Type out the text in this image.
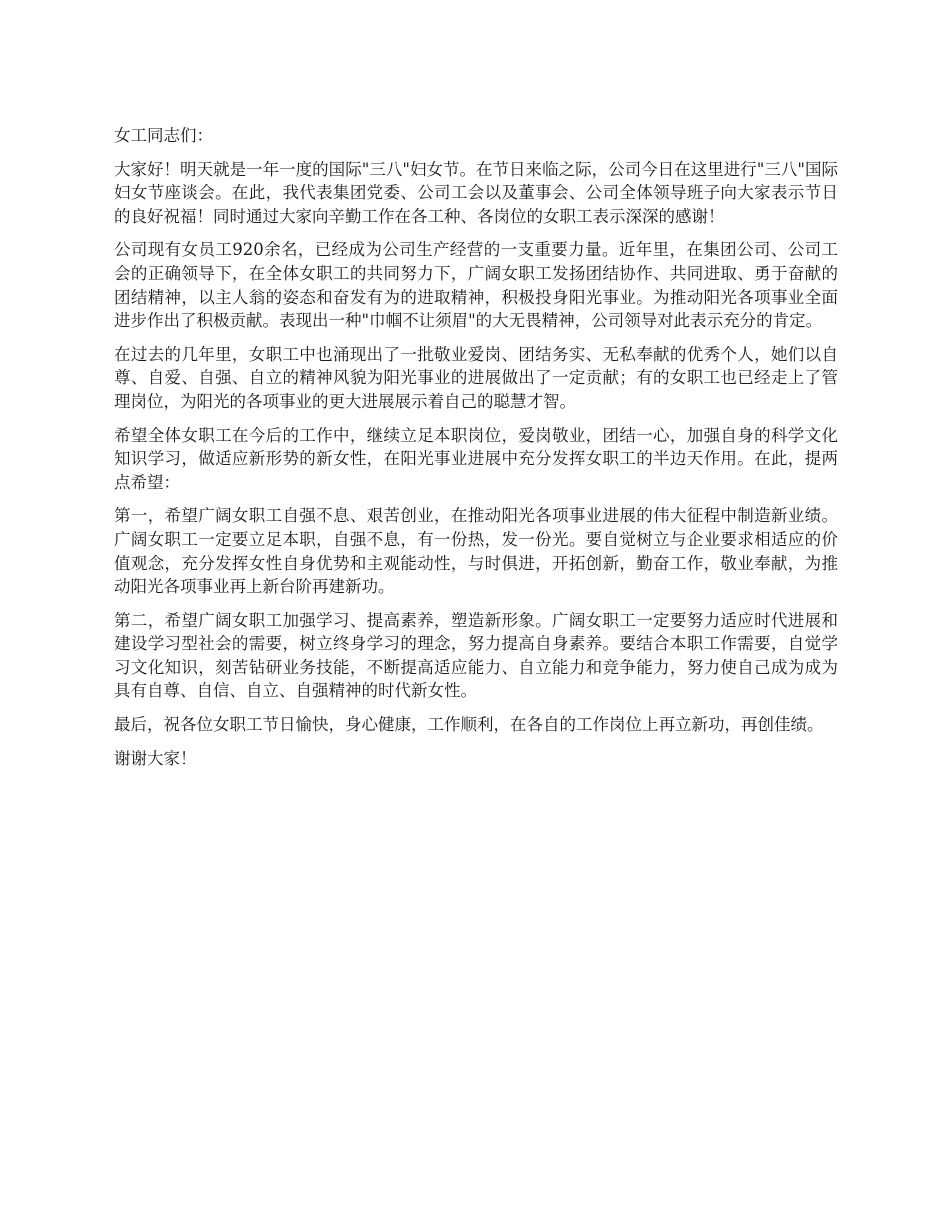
女工同志们：

大家好！明天就是一年一度的国际"三八"妇女节。在节日来临之际，公司今日在这里进行"三八"国际妇女节座谈会。在此，我代表集团党委、公司工会以及董事会、公司全体领导班子向大家表示节日的良好祝福！同时通过大家向辛勤工作在各工种、各岗位的女职工表示深深的感谢！

公司现有女员工920余名，已经成为公司生产经营的一支重要力量。近年里，在集团公司、公司工会的正确领导下，在全体女职工的共同努力下，广阔女职工发扬团结协作、共同进取、勇于奋献的团结精神，以主人翁的姿态和奋发有为的进取精神，积极投身阳光事业。为推动阳光各项事业全面进步作出了积极贡献。表现出一种"巾帼不让须眉"的大无畏精神，公司领导对此表示充分的肯定。

在过去的几年里，女职工中也涌现出了一批敬业爱岗、团结务实、无私奉献的优秀个人，她们以自尊、自爱、自强、自立的精神风貌为阳光事业的进展做出了一定贡献；有的女职工也已经走上了管理岗位，为阳光的各项事业的更大进展展示着自己的聪慧才智。

希望全体女职工在今后的工作中，继续立足本职岗位，爱岗敬业，团结一心，加强自身的科学文化知识学习，做适应新形势的新女性，在阳光事业进展中充分发挥女职工的半边天作用。在此，提两点希望：

第一，希望广阔女职工自强不息、艰苦创业，在推动阳光各项事业进展的伟大征程中制造新业绩。广阔女职工一定要立足本职，自强不息，有一份热，发一份光。要自觉树立与企业要求相适应的价值观念，充分发挥女性自身优势和主观能动性，与时俱进，开拓创新，勤奋工作，敬业奉献，为推动阳光各项事业再上新台阶再建新功。

第二，希望广阔女职工加强学习、提高素养，塑造新形象。广阔女职工一定要努力适应时代进展和建设学习型社会的需要，树立终身学习的理念，努力提高自身素养。要结合本职工作需要，自觉学习文化知识，刻苦钻研业务技能，不断提高适应能力、自立能力和竞争能力，努力使自己成为成为具有自尊、自信、自立、自强精神的时代新女性。

最后，祝各位女职工节日愉快，身心健康，工作顺利，在各自的工作岗位上再立新功，再创佳绩。

谢谢大家！
